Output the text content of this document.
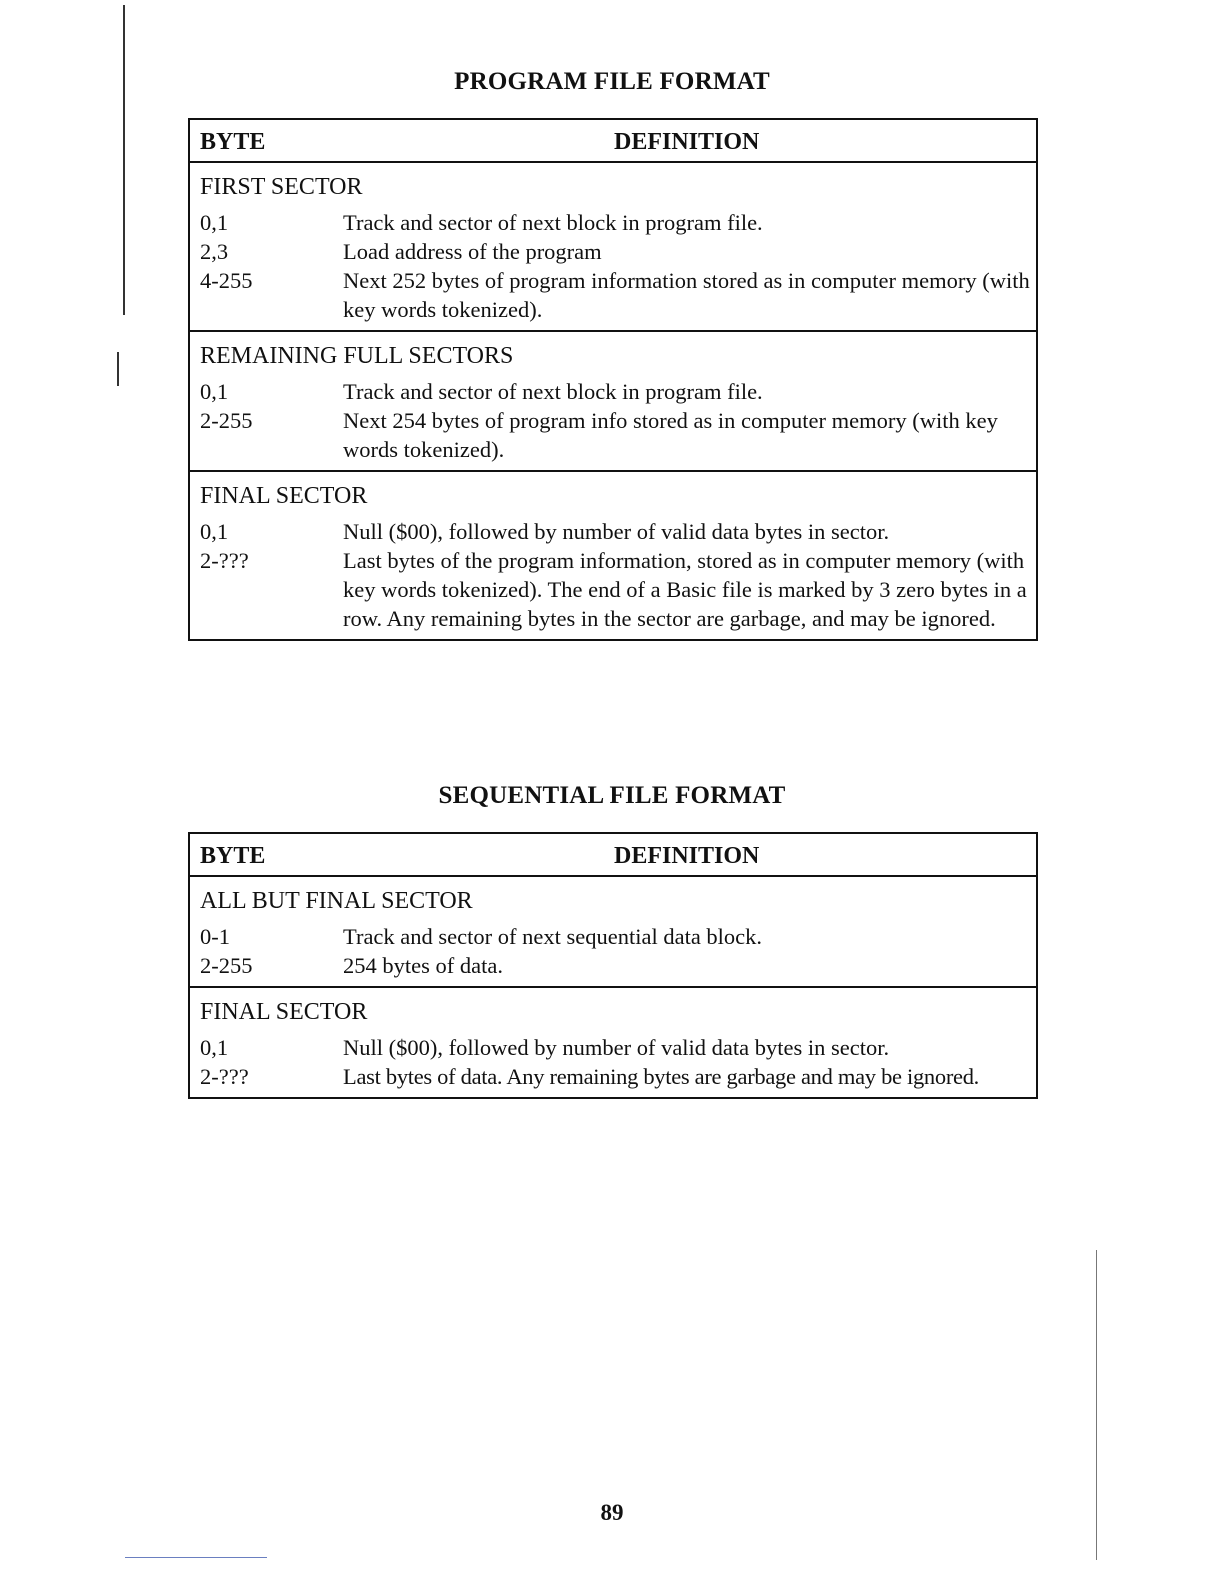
PROGRAM FILE FORMAT
BYTE	DEFINITION
FIRST SECTOR
0,1	Track and sector of next block in program file.
2,3	Load address of the program
4-255	Next 252 bytes of program information stored as in computer memory (with key words tokenized).
REMAINING FULL SECTORS
0,1	Track and sector of next block in program file.
2-255	Next 254 bytes of program info stored as in computer memory (with key words tokenized).
FINAL SECTOR
0,1	Null ($00), followed by number of valid data bytes in sector.
2-???	Last bytes of the program information, stored as in computer memory (with key words tokenized). The end of a Basic file is marked by 3 zero bytes in a row. Any remaining bytes in the sector are garbage, and may be ignored.
SEQUENTIAL FILE FORMAT
BYTE	DEFINITION
ALL BUT FINAL SECTOR
0-1	Track and sector of next sequential data block.
2-255	254 bytes of data.
FINAL SECTOR
0,1	Null ($00), followed by number of valid data bytes in sector.
2-???	Last bytes of data. Any remaining bytes are garbage and may be ignored.
89
